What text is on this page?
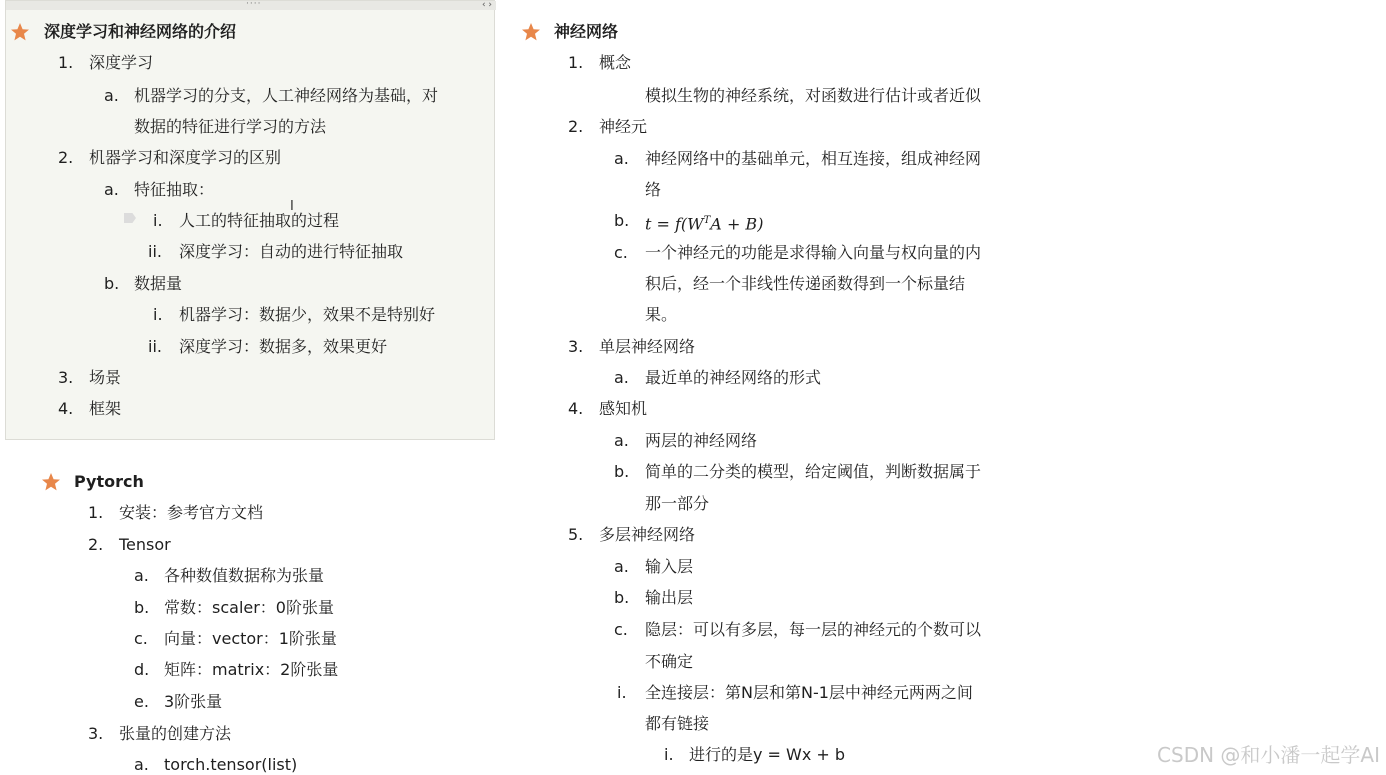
····	‹ ›
深度学习和神经网络的介绍
1. 深度学习
a. 机器学习的分支，人工神经网络为基础，对
数据的特征进行学习的方法
2. 机器学习和深度学习的区别
a. 特征抽取：
i. 人工的特征抽取的过程
I
ii. 深度学习：自动的进行特征抽取
b. 数据量
i. 机器学习：数据少，效果不是特别好
ii. 深度学习：数据多，效果更好
3. 场景
4. 框架
Pytorch
1. 安装：参考官方文档
2. Tensor
a. 各种数值数据称为张量
b. 常数：scaler：0阶张量
c. 向量：vector：1阶张量
d. 矩阵：matrix：2阶张量
e. 3阶张量
3. 张量的创建方法
a. torch.tensor(list)
神经网络
1. 概念
模拟生物的神经系统，对函数进行估计或者近似
2. 神经元
a. 神经网络中的基础单元，相互连接，组成神经网
络
b. $t = f(W^TA + B)$
c. 一个神经元的功能是求得输入向量与权向量的内
积后，经一个非线性传递函数得到一个标量结
果。
3. 单层神经网络
a. 最近单的神经网络的形式
4. 感知机
a. 两层的神经网络
b. 简单的二分类的模型，给定阈值，判断数据属于
那一部分
5. 多层神经网络
a. 输入层
b. 输出层
c. 隐层：可以有多层，每一层的神经元的个数可以
不确定
i. 全连接层：第N层和第N-1层中神经元两两之间
都有链接
i. 进行的是y = Wx + b	CSDN @和小潘一起学AI
